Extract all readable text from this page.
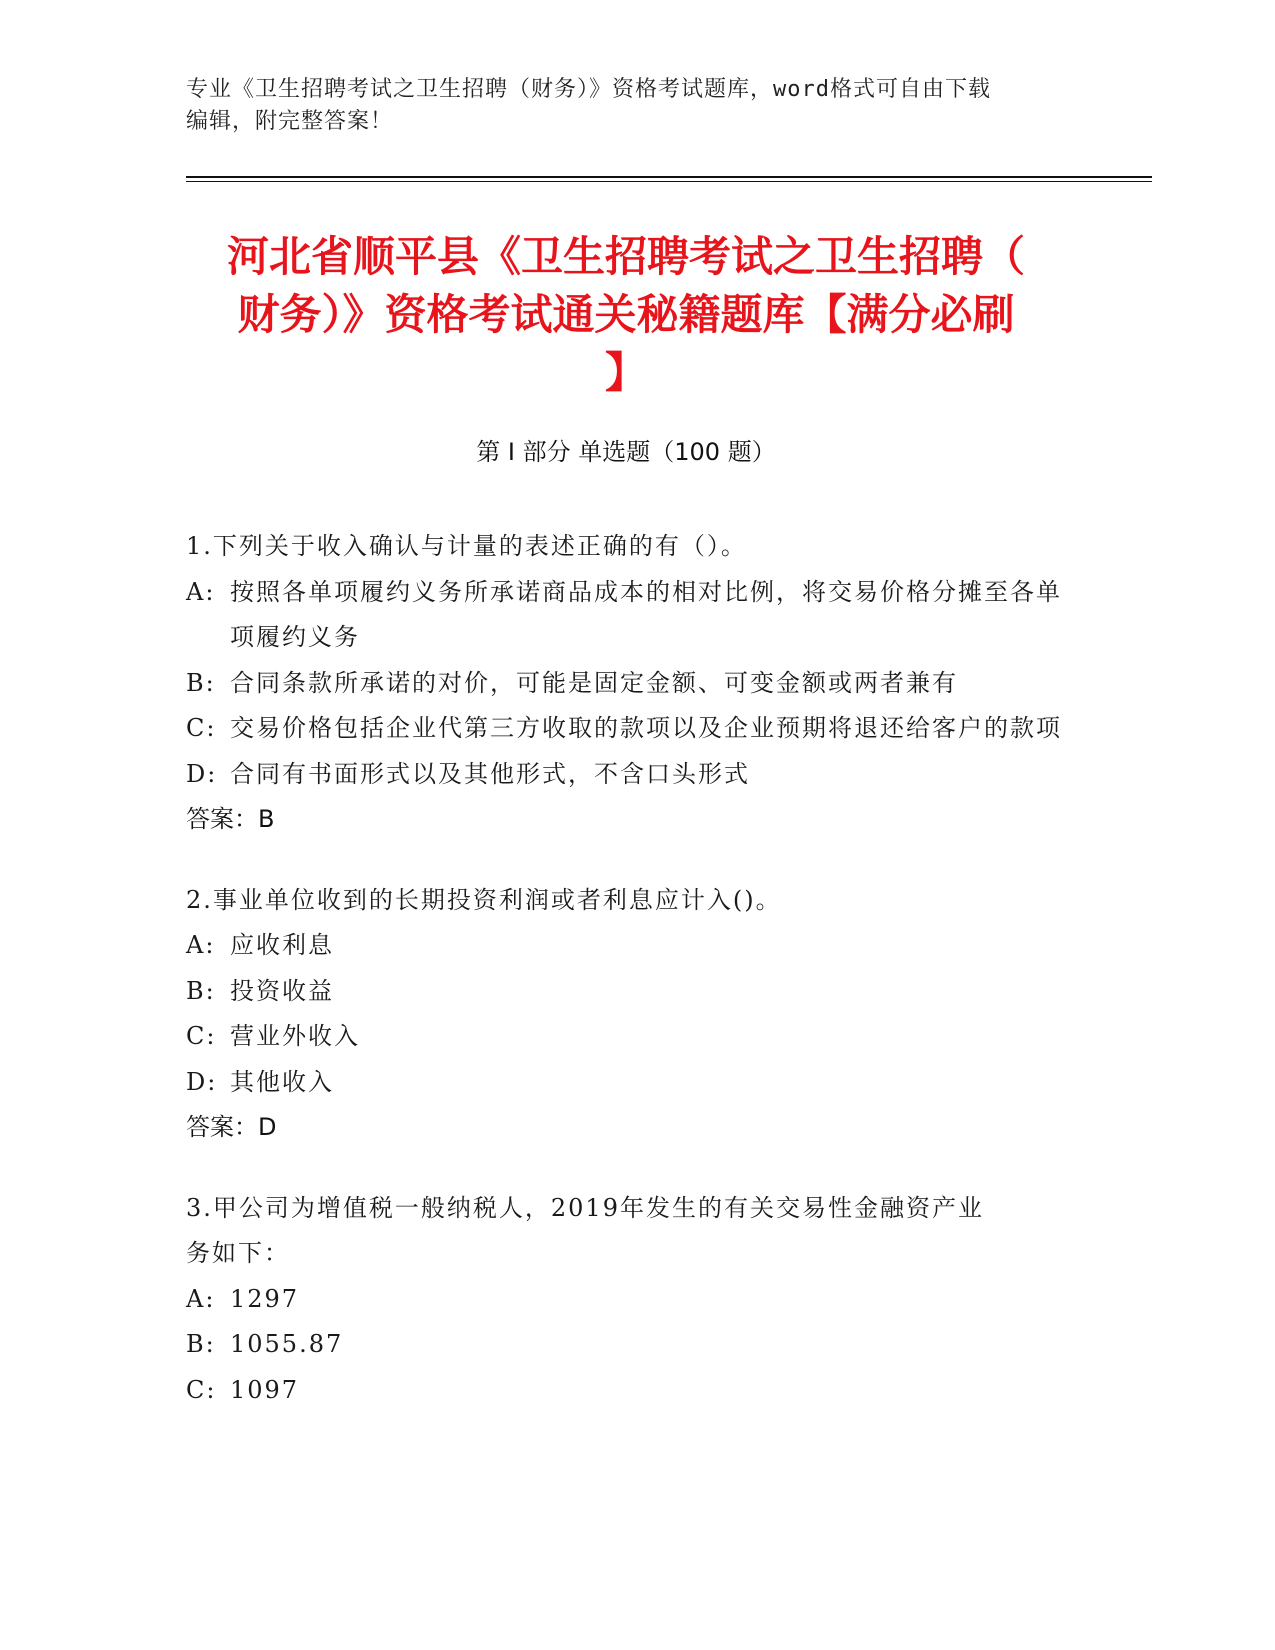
专业《卫生招聘考试之卫生招聘（财务）》资格考试题库，word格式可自由下载
编辑，附完整答案！
河北省顺平县《卫生招聘考试之卫生招聘（
财务）》资格考试通关秘籍题库【满分必刷
】
第 I 部分 单选题（100 题）
1.下列关于收入确认与计量的表述正确的有（）。
A: 按照各单项履约义务所承诺商品成本的相对比例，将交易价格分摊至各单项履约义务
B: 合同条款所承诺的对价，可能是固定金额、可变金额或两者兼有
C: 交易价格包括企业代第三方收取的款项以及企业预期将退还给客户的款项
D: 合同有书面形式以及其他形式，不含口头形式
答案：B
2.事业单位收到的长期投资利润或者利息应计入()。
A: 应收利息
B: 投资收益
C: 营业外收入
D: 其他收入
答案：D
3.甲公司为增值税一般纳税人，2019年发生的有关交易性金融资产业
务如下：
A: 1297
B: 1055.87
C: 1097
